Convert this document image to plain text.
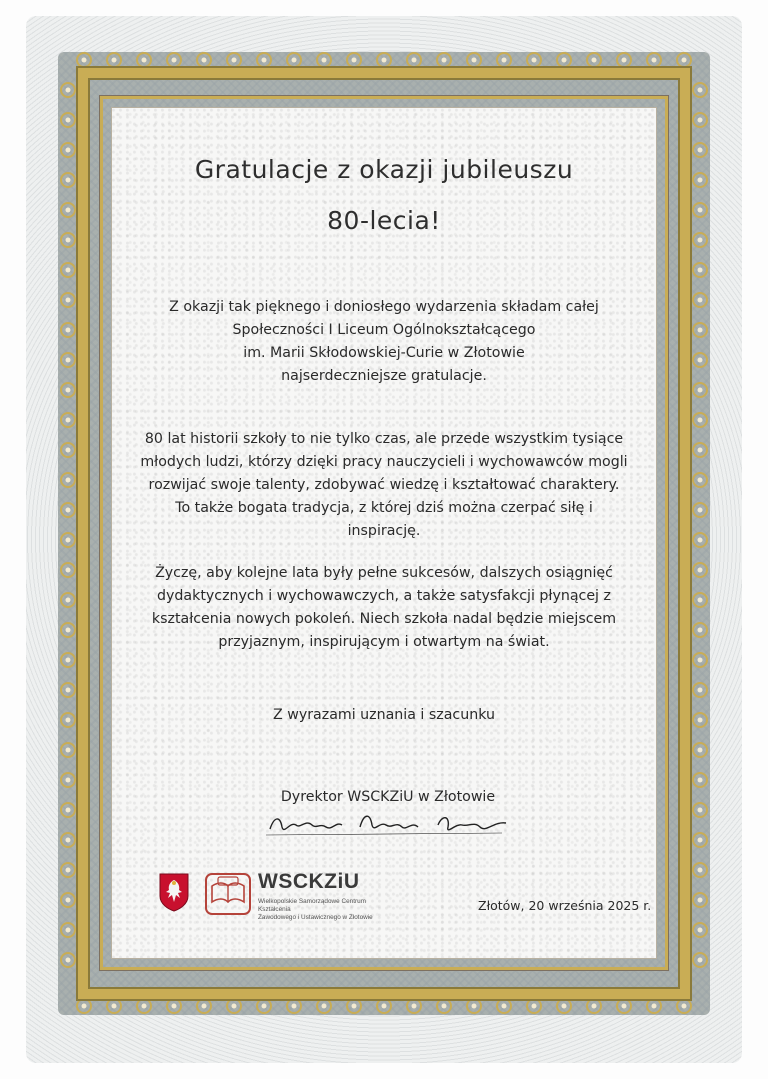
Gratulacje z okazji jubileuszu
80-lecia!
Z okazji tak pięknego i doniosłego wydarzenia składam całej
Społeczności I Liceum Ogólnokształcącego
im. Marii Skłodowskiej-Curie w Złotowie
najserdeczniejsze gratulacje.
80 lat historii szkoły to nie tylko czas, ale przede wszystkim tysiące
młodych ludzi, którzy dzięki pracy nauczycieli i wychowawców mogli
rozwijać swoje talenty, zdobywać wiedzę i kształtować charaktery.
To także bogata tradycja, z której dziś można czerpać siłę i inspirację.
Życzę, aby kolejne lata były pełne sukcesów, dalszych osiągnięć
dydaktycznych i wychowawczych, a także satysfakcji płynącej z
kształcenia nowych pokoleń. Niech szkoła nadal będzie miejscem
przyjaznym, inspirującym i otwartym na świat.
Z wyrazami uznania i szacunku
Dyrektor WSCKZiU w Złotowie
WSCKZiU
Wielkopolskie Samorządowe Centrum Kształcenia
Zawodowego i Ustawicznego w Złotowie
Złotów, 20 września 2025 r.
